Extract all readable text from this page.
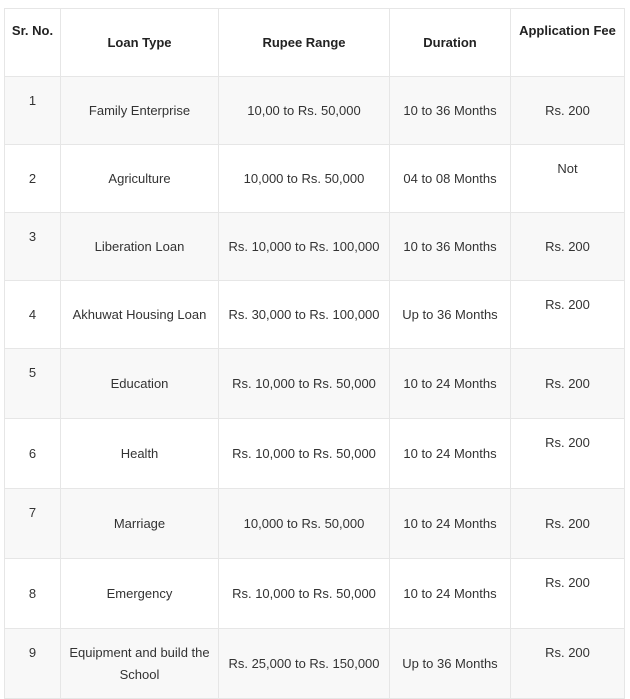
Sr. No.	Loan Type	Rupee Range	Duration	Application Fee
1	Family Enterprise	10,00 to Rs. 50,000	10 to 36 Months	Rs. 200
2	Agriculture	10,000 to Rs. 50,000	04 to 08 Months	Not
3	Liberation Loan	Rs. 10,000 to Rs. 100,000	10 to 36 Months	Rs. 200
4	Akhuwat Housing Loan	Rs. 30,000 to Rs. 100,000	Up to 36 Months	Rs. 200
5	Education	Rs. 10,000 to Rs. 50,000	10 to 24 Months	Rs. 200
6	Health	Rs. 10,000 to Rs. 50,000	10 to 24 Months	Rs. 200
7	Marriage	10,000 to Rs. 50,000	10 to 24 Months	Rs. 200
8	Emergency	Rs. 10,000 to Rs. 50,000	10 to 24 Months	Rs. 200
9	Equipment and build the School	Rs. 25,000 to Rs. 150,000	Up to 36 Months	Rs. 200
